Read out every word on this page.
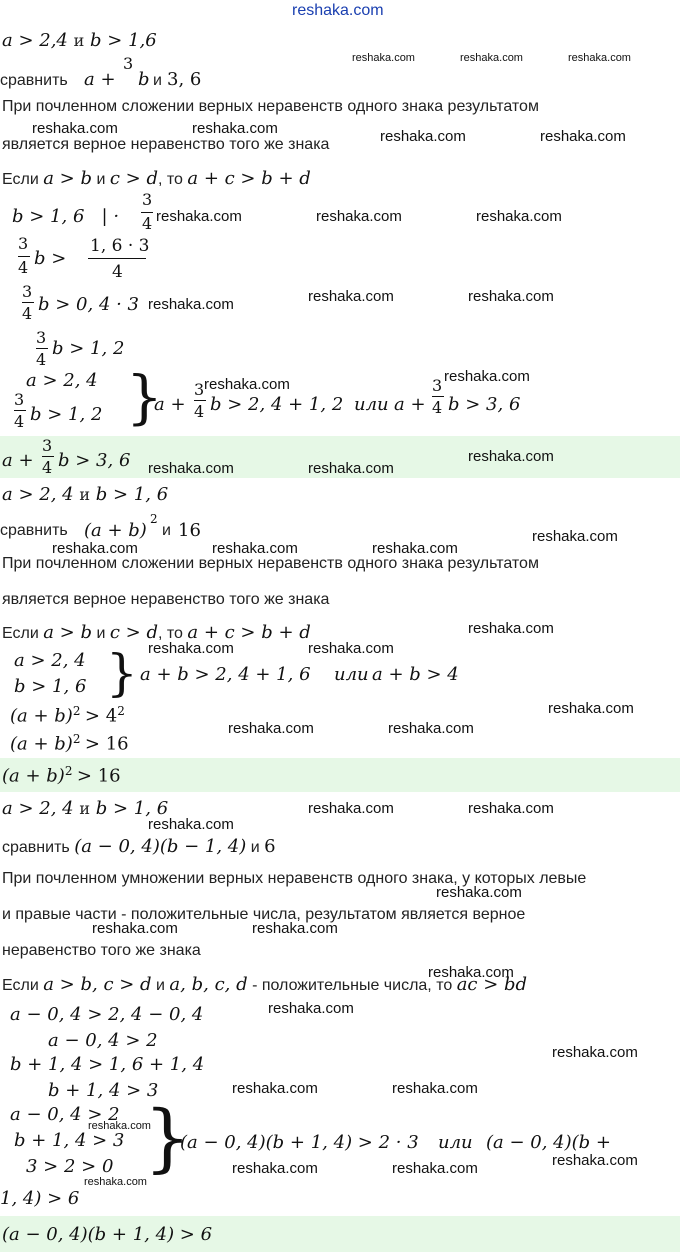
reshaka.com
a > 2,4 и b > 1,6
сравнить a +
3
b и 3, 6
При почленном сложении верных неравенств одного знака результатом
является верное неравенство того же знака
Если a > b и c > d, то a + c > b + d
b > 1, 6   | ·
3
4
3
4 b >
1, 6 · 3
4
3
4 b > 0, 4 · 3
3
4
b > 1, 2
a > 2, 4
3
4 b > 1, 2 }
a +
3
4 b > 2, 4 + 1, 2 или a +
3
4 b > 3, 6
a +
3
4 b > 3, 6
a > 2, 4 и b > 1, 6
сравнить (a + b)
2
и 16
При почленном сложении верных неравенств одного знака результатом
является верное неравенство того же знака
Если a > b и c > d, то a + c > b + d
a > 2, 4
b > 1, 6 } a + b > 2, 4 + 1, 6 или a + b > 4
$(a + b)^2 > 4^2$
$(a + b)^2 > 16$
$(a + b)^2 > 16$
a > 2, 4 и b > 1, 6
сравнить (a − 0, 4)(b − 1, 4) и 6
При почленном умножении верных неравенств одного знака, у которых левые
и правые части - положительные числа, результатом является верное
неравенство того же знака
Если a > b, c > d и a, b, c, d - положительные числа, то ac > bd
a − 0, 4 > 2, 4 − 0, 4
a − 0, 4 > 2
b + 1, 4 > 1, 6 + 1, 4
b + 1, 4 > 3
a − 0, 4 > 2
b + 1, 4 > 3
3 > 2 > 0 }
(a − 0, 4)(b + 1, 4) > 2 · 3 или (a − 0, 4)(b +
1, 4) > 6
(a − 0, 4)(b + 1, 4) > 6
reshaka.com	reshaka.com	reshaka.com
reshaka.com	reshaka.com	reshaka.com	reshaka.com
reshaka.com	reshaka.com	reshaka.com
reshaka.com	reshaka.com	reshaka.com
reshaka.com	reshaka.com
reshaka.com	reshaka.com
reshaka.com
reshaka.com
reshaka.com	reshaka.com	reshaka.com
reshaka.com
reshaka.com	reshaka.com
reshaka.com
reshaka.com	reshaka.com
reshaka.com	reshaka.com
reshaka.com
reshaka.com
reshaka.com	reshaka.com
reshaka.com
reshaka.com
reshaka.com
reshaka.com	reshaka.com
reshaka.com
reshaka.com
reshaka.com	reshaka.com
reshaka.com
